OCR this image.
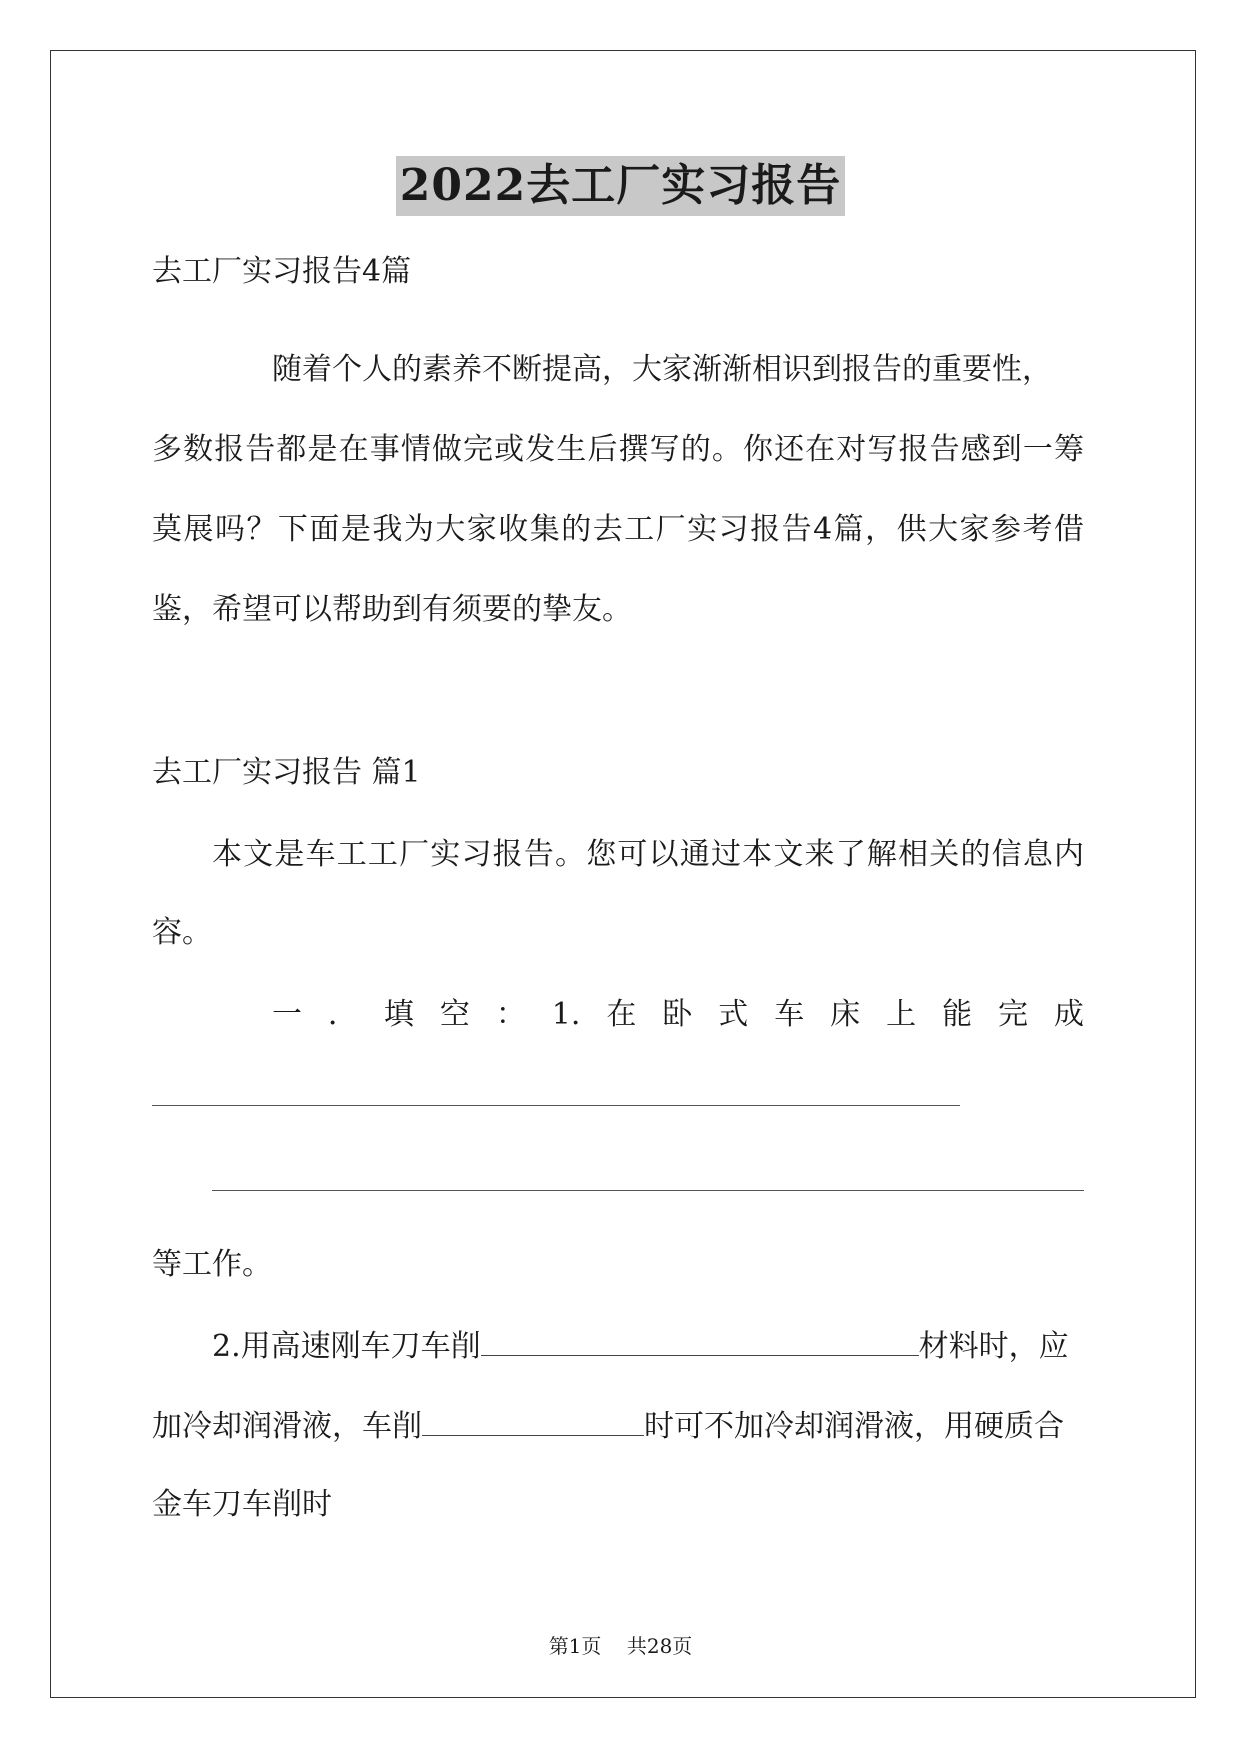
2022去工厂实习报告
去工厂实习报告4篇
随着个人的素养不断提高，大家渐渐相识到报告的重要性，
多数报告都是在事情做完或发生后撰写的。你还在对写报告感到一筹
莫展吗？下面是我为大家收集的去工厂实习报告4篇，供大家参考借
鉴，希望可以帮助到有须要的挚友。
去工厂实习报告 篇1
本文是车工工厂实习报告。您可以通过本文来了解相关的信息内
容。
一．填空：1.在卧式车床上能完成
等工作。
2.用高速刚车刀车削	材料时，应
加冷却润滑液，车削	时可不加冷却润滑液，用硬质合
金车刀车削时
第1页 共28页
